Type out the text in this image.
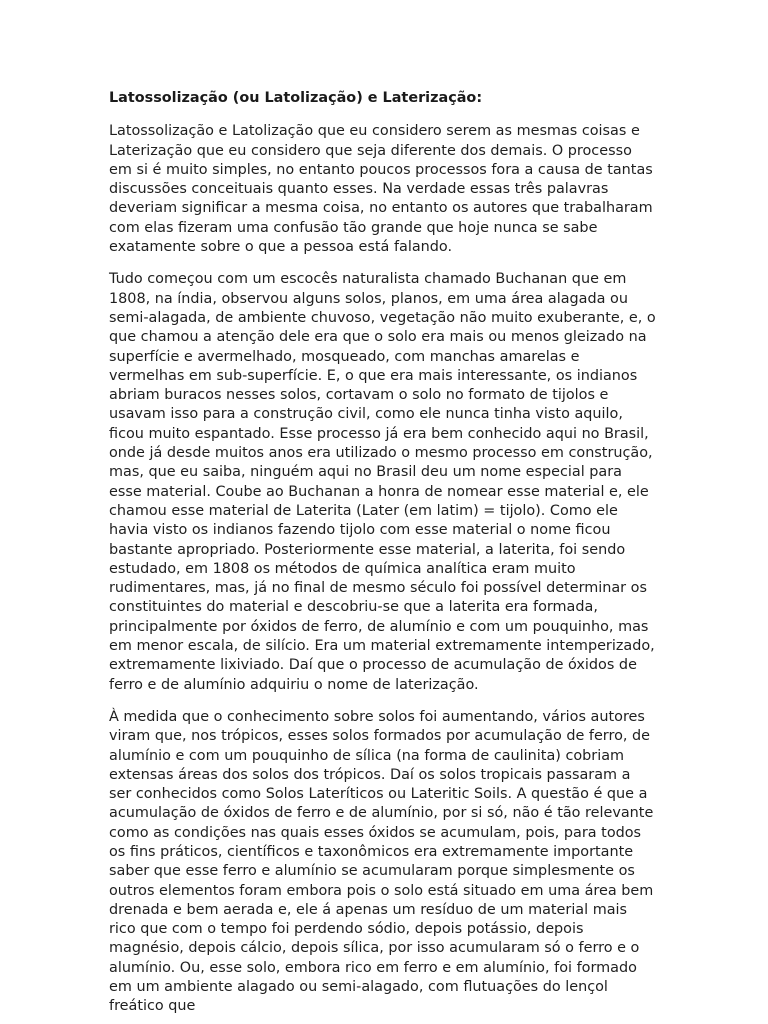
Latossolização (ou Latolização) e Laterização:

Latossolização e Latolização que eu considero serem as mesmas coisas e Laterização que eu considero que seja diferente dos demais. O processo em si é muito simples, no entanto poucos processos fora a causa de tantas discussões conceituais quanto esses. Na verdade essas três palavras deveriam significar a mesma coisa, no entanto os autores que trabalharam com elas fizeram uma confusão tão grande que hoje nunca se sabe exatamente sobre o que a pessoa está falando.

Tudo começou com um escocês naturalista chamado Buchanan que em 1808, na índia, observou alguns solos, planos, em uma área alagada ou semi-alagada, de ambiente chuvoso, vegetação não muito exuberante, e, o que chamou a atenção dele era que o solo era mais ou menos gleizado na superfície e avermelhado, mosqueado, com manchas amarelas e vermelhas em sub-superfície. E, o que era mais interessante, os indianos abriam buracos nesses solos, cortavam o solo no formato de tijolos e usavam isso para a construção civil, como ele nunca tinha visto aquilo, ficou muito espantado. Esse processo já era bem conhecido aqui no Brasil, onde já desde muitos anos era utilizado o mesmo processo em construção, mas, que eu saiba, ninguém aqui no Brasil deu um nome especial para esse material. Coube ao Buchanan a honra de nomear esse material e, ele chamou esse material de Laterita (Later (em latim) = tijolo). Como ele havia visto os indianos fazendo tijolo com esse material o nome ficou bastante apropriado. Posteriormente esse material, a laterita, foi sendo estudado, em 1808 os métodos de química analítica eram muito rudimentares, mas, já no final de mesmo século foi possível determinar os constituintes do material e descobriu-se que a laterita era formada, principalmente por óxidos de ferro, de alumínio e com um pouquinho, mas em menor escala, de silício. Era um material extremamente intemperizado, extremamente lixiviado. Daí que o processo de acumulação de óxidos de ferro e de alumínio adquiriu o nome de laterização.

À medida que o conhecimento sobre solos foi aumentando, vários autores viram que, nos trópicos, esses solos formados por acumulação de ferro, de alumínio e com um pouquinho de sílica (na forma de caulinita) cobriam extensas áreas dos solos dos trópicos. Daí os solos tropicais passaram a ser conhecidos como Solos Lateríticos ou Lateritic Soils. A questão é que a acumulação de óxidos de ferro e de alumínio, por si só, não é tão relevante como as condições nas quais esses óxidos se acumulam, pois, para todos os fins práticos, científicos e taxonômicos era extremamente importante saber que esse ferro e alumínio se acumularam porque simplesmente os outros elementos foram embora pois o solo está situado em uma área bem drenada e bem aerada e, ele á apenas um resíduo de um material mais rico que com o tempo foi perdendo sódio, depois potássio, depois magnésio, depois cálcio, depois sílica, por isso acumularam só o ferro e o alumínio. Ou, esse solo, embora rico em ferro e em alumínio, foi formado em um ambiente alagado ou semi-alagado, com flutuações do lençol freático que
